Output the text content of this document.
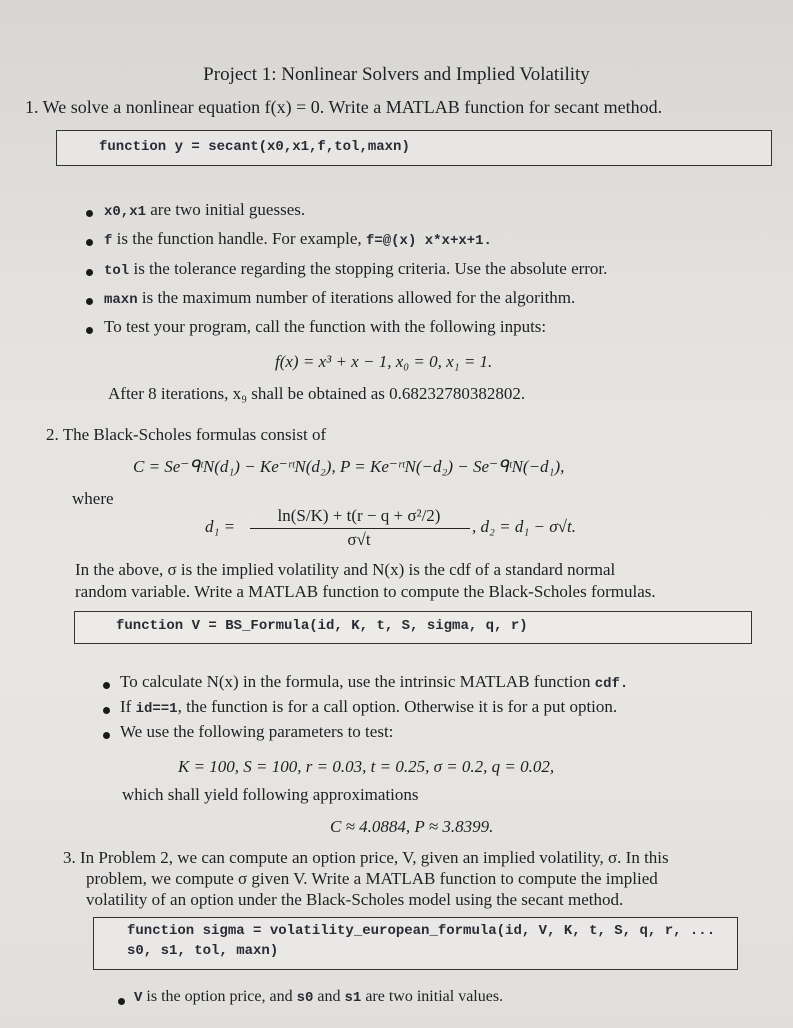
Project 1: Nonlinear Solvers and Implied Volatility
1. We solve a nonlinear equation f(x) = 0. Write a MATLAB function for secant method.
function y = secant(x0,x1,f,tol,maxn)
x0,x1 are two initial guesses.
f is the function handle. For example, f=@(x) x*x+x+1.
tol is the tolerance regarding the stopping criteria. Use the absolute error.
maxn is the maximum number of iterations allowed for the algorithm.
To test your program, call the function with the following inputs:
f(x) = x³ + x − 1, x₀ = 0, x₁ = 1.
After 8 iterations, x₉ shall be obtained as 0.68232780382802.
2. The Black-Scholes formulas consist of
C = Se⁻ᑫᵗN(d₁) − Ke⁻ʳᵗN(d₂), P = Ke⁻ʳᵗN(−d₂) − Se⁻ᑫᵗN(−d₁),
where
d₁ =
ln(S/K) + t(r − q + σ²/2)
σ√t
, d₂ = d₁ − σ√t.
In the above, σ is the implied volatility and N(x) is the cdf of a standard normal
random variable. Write a MATLAB function to compute the Black-Scholes formulas.
function V = BS_Formula(id, K, t, S, sigma, q, r)
To calculate N(x) in the formula, use the intrinsic MATLAB function cdf.
If id==1, the function is for a call option. Otherwise it is for a put option.
We use the following parameters to test:
K = 100, S = 100, r = 0.03, t = 0.25, σ = 0.2, q = 0.02,
which shall yield following approximations
C ≈ 4.0884, P ≈ 3.8399.
3. In Problem 2, we can compute an option price, V, given an implied volatility, σ. In this
problem, we compute σ given V. Write a MATLAB function to compute the implied
volatility of an option under the Black-Scholes model using the secant method.
function sigma = volatility_european_formula(id, V, K, t, S, q, r, ...
s0, s1, tol, maxn)
V is the option price, and s0 and s1 are two initial values.
